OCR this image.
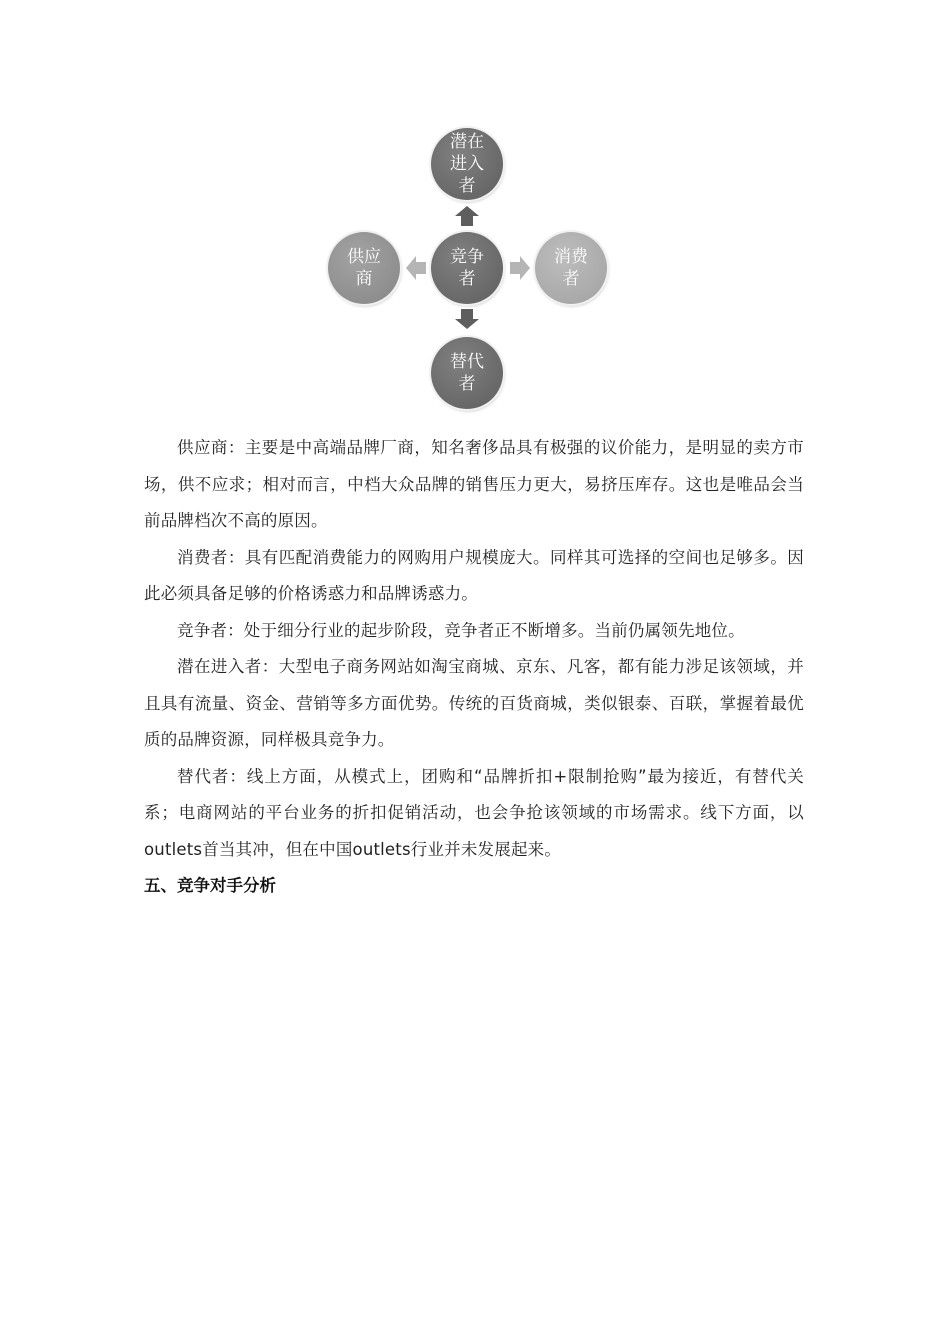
潜在进入者
供应商
竞争者
消费者
替代者

供应商：主要是中高端品牌厂商，知名奢侈品具有极强的议价能力，是明显的卖方市场，供不应求；相对而言，中档大众品牌的销售压力更大，易挤压库存。这也是唯品会当前品牌档次不高的原因。

消费者：具有匹配消费能力的网购用户规模庞大。同样其可选择的空间也足够多。因此必须具备足够的价格诱惑力和品牌诱惑力。

竞争者：处于细分行业的起步阶段，竞争者正不断增多。当前仍属领先地位。

潜在进入者：大型电子商务网站如淘宝商城、京东、凡客，都有能力涉足该领域，并且具有流量、资金、营销等多方面优势。传统的百货商城，类似银泰、百联，掌握着最优质的品牌资源，同样极具竞争力。

替代者：线上方面，从模式上，团购和“品牌折扣+限制抢购”最为接近，有替代关系；电商网站的平台业务的折扣促销活动，也会争抢该领域的市场需求。线下方面，以outlets首当其冲，但在中国outlets行业并未发展起来。

五、竞争对手分析
